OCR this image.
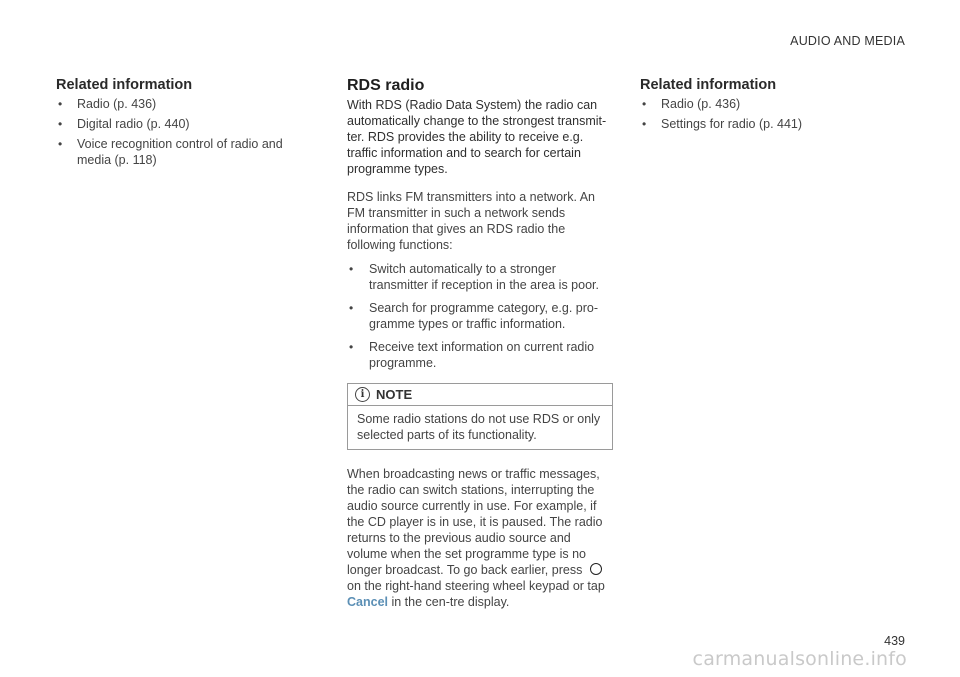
AUDIO AND MEDIA
Related information
• Radio (p. 436)
• Digital radio (p. 440)
• Voice recognition control of radio and media (p. 118)
RDS radio

With RDS (Radio Data System) the radio can automatically change to the strongest transmit-ter. RDS provides the ability to receive e.g. traffic information and to search for certain programme types.

RDS links FM transmitters into a network. An FM transmitter in such a network sends information that gives an RDS radio the following functions:

• Switch automatically to a stronger transmitter if reception in the area is poor.
• Search for programme category, e.g. pro-gramme types or traffic information.
• Receive text information on current radio programme.
i NOTE
Some radio stations do not use RDS or only selected parts of its functionality.

When broadcasting news or traffic messages, the radio can switch stations, interrupting the audio source currently in use. For example, if the CD player is in use, it is paused. The radio returns to the previous audio source and volume when the set programme type is no longer broadcast. To go back earlier, presson the right-hand steering wheel keypad or tap Cancel in the cen-tre display.

Related information
• Radio (p. 436)
• Settings for radio (p. 441)
439
carmanualsonline.info
